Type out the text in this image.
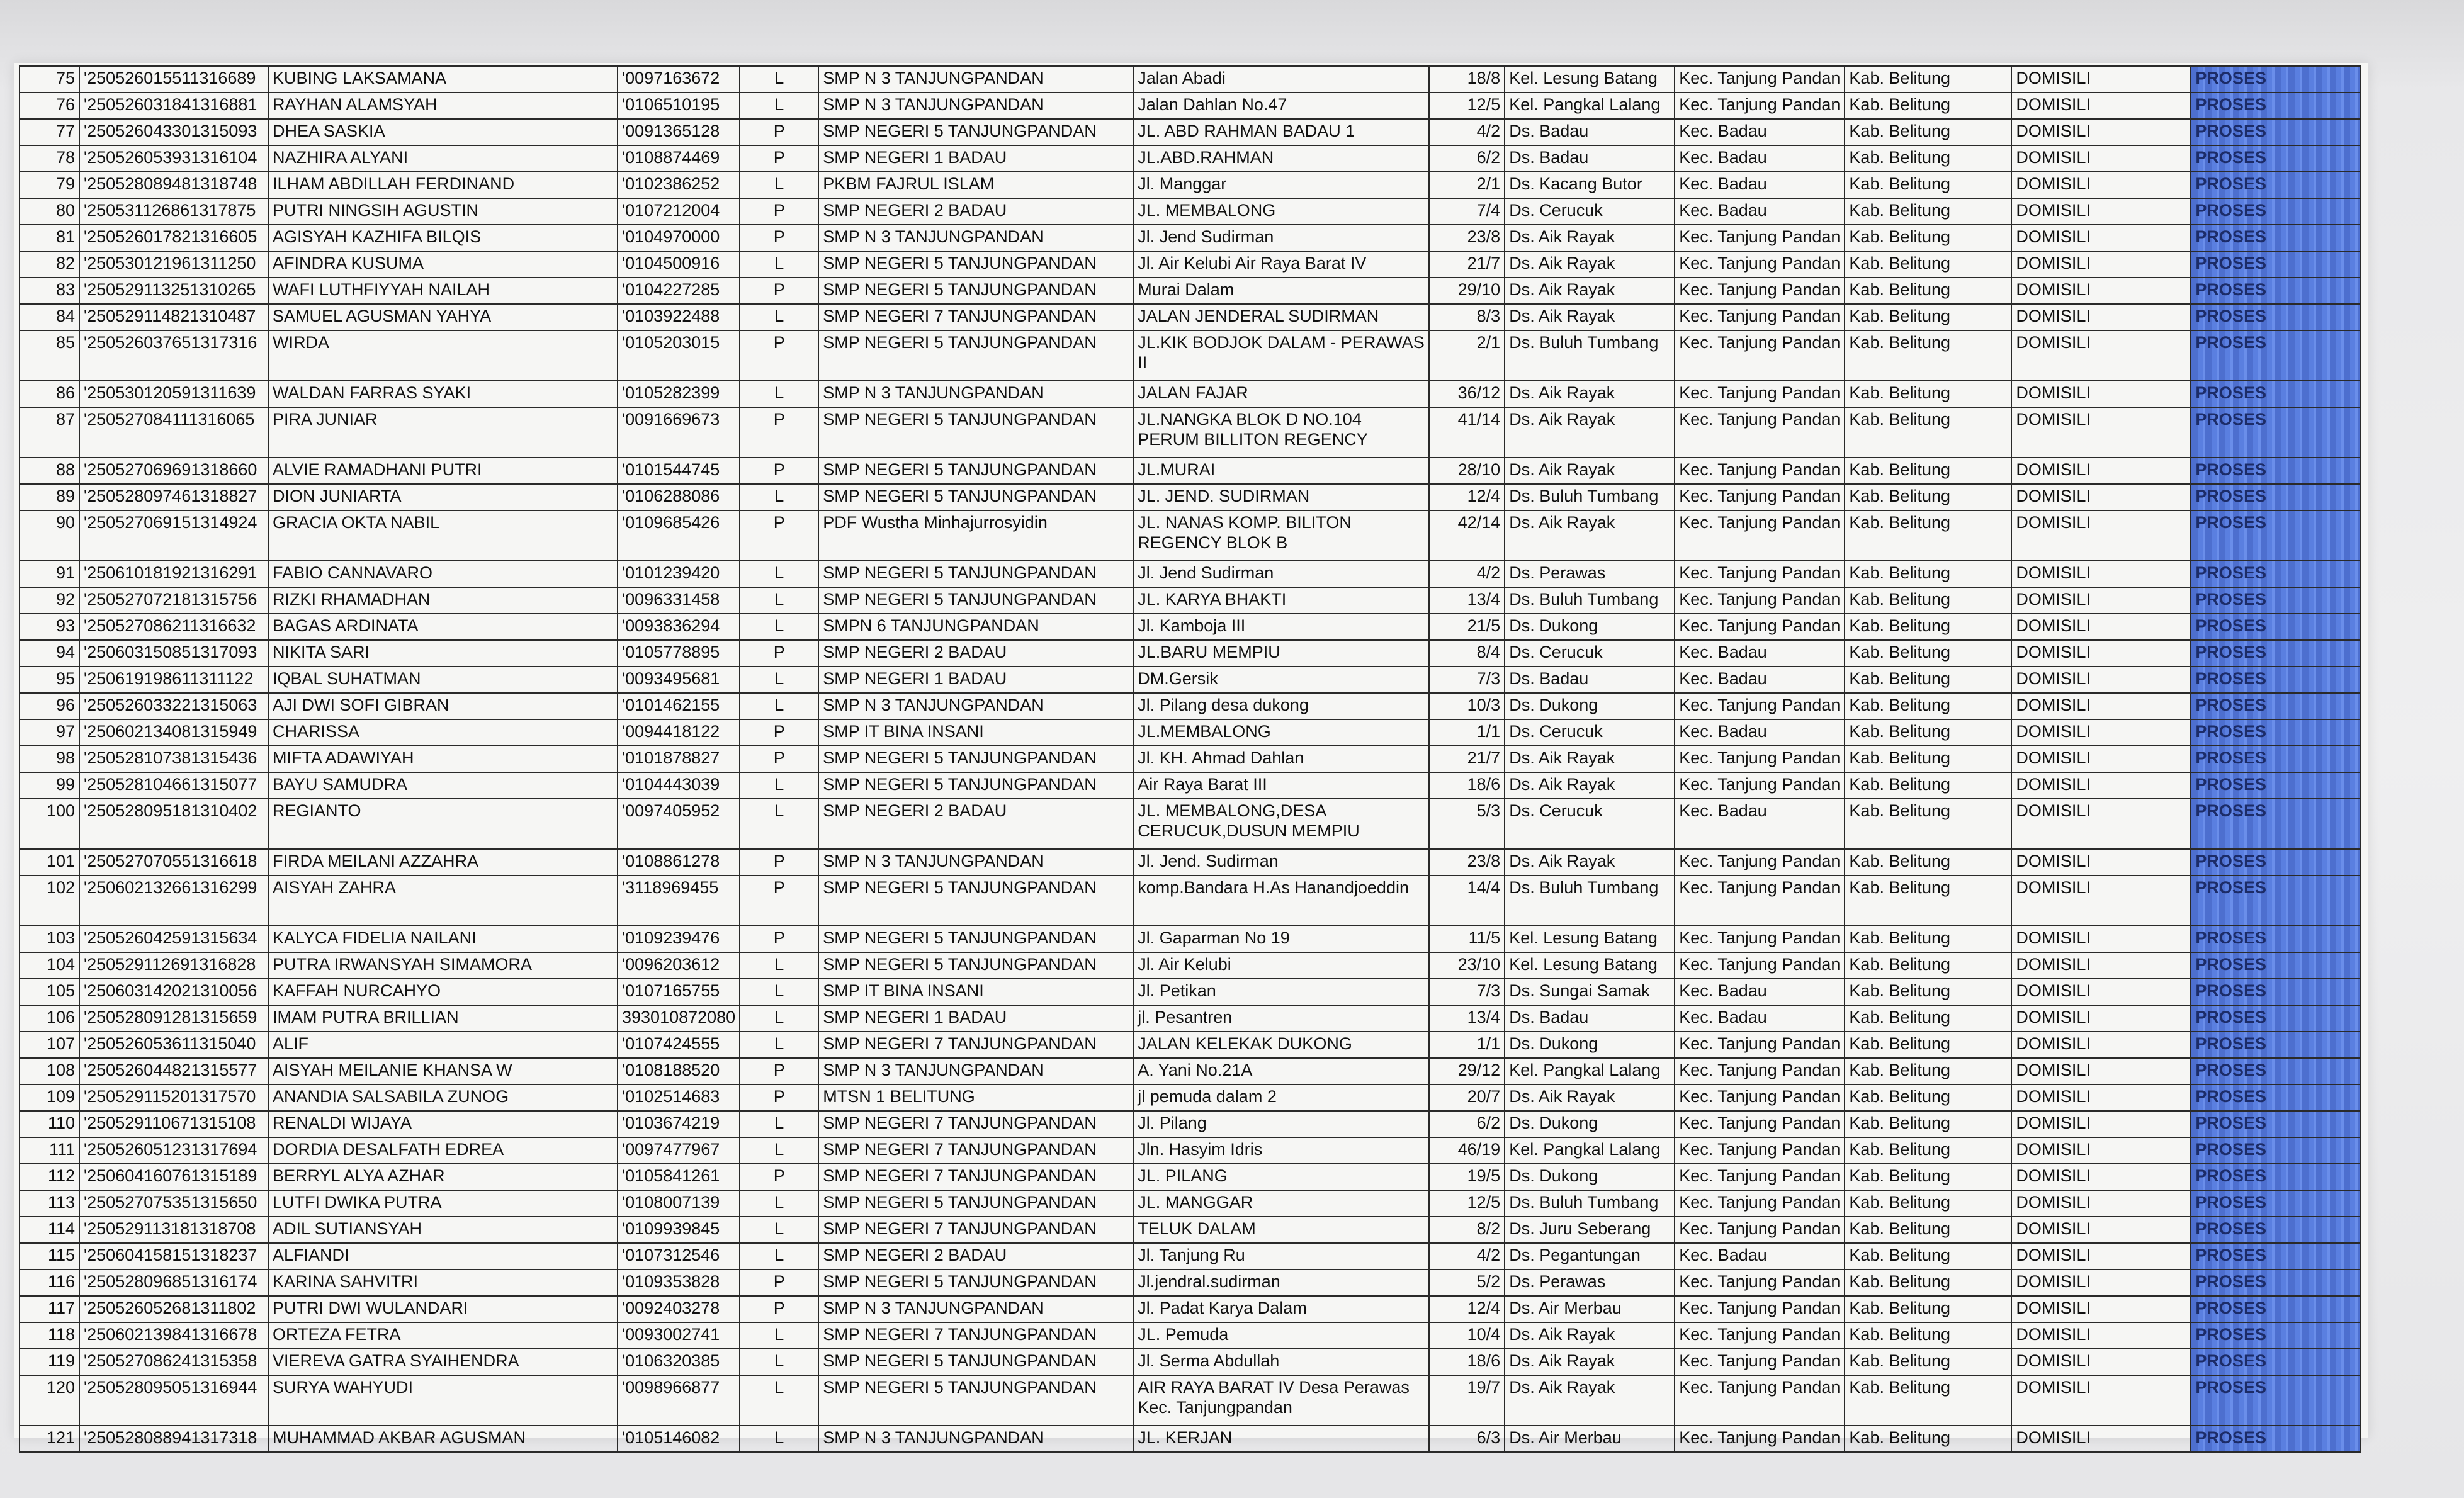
75	'250526015511316689	KUBING LAKSAMANA	'0097163672	L	SMP N 3 TANJUNGPANDAN	Jalan Abadi	18/8	Kel. Lesung Batang	Kec. Tanjung Pandan	Kab. Belitung	DOMISILI	PROSES
76	'250526031841316881	RAYHAN ALAMSYAH	'0106510195	L	SMP N 3 TANJUNGPANDAN	Jalan Dahlan No.47	12/5	Kel. Pangkal Lalang	Kec. Tanjung Pandan	Kab. Belitung	DOMISILI	PROSES
77	'250526043301315093	DHEA SASKIA	'0091365128	P	SMP NEGERI 5 TANJUNGPANDAN	JL. ABD RAHMAN BADAU 1	4/2	Ds. Badau	Kec. Badau	Kab. Belitung	DOMISILI	PROSES
78	'250526053931316104	NAZHIRA ALYANI	'0108874469	P	SMP NEGERI 1 BADAU	JL.ABD.RAHMAN	6/2	Ds. Badau	Kec. Badau	Kab. Belitung	DOMISILI	PROSES
79	'250528089481318748	ILHAM ABDILLAH FERDINAND	'0102386252	L	PKBM FAJRUL ISLAM	Jl. Manggar	2/1	Ds. Kacang Butor	Kec. Badau	Kab. Belitung	DOMISILI	PROSES
80	'250531126861317875	PUTRI NINGSIH AGUSTIN	'0107212004	P	SMP NEGERI 2 BADAU	JL. MEMBALONG	7/4	Ds. Cerucuk	Kec. Badau	Kab. Belitung	DOMISILI	PROSES
81	'250526017821316605	AGISYAH KAZHIFA BILQIS	'0104970000	P	SMP N 3 TANJUNGPANDAN	Jl. Jend Sudirman	23/8	Ds. Aik Rayak	Kec. Tanjung Pandan	Kab. Belitung	DOMISILI	PROSES
82	'250530121961311250	AFINDRA KUSUMA	'0104500916	L	SMP NEGERI 5 TANJUNGPANDAN	Jl. Air Kelubi Air Raya Barat IV	21/7	Ds. Aik Rayak	Kec. Tanjung Pandan	Kab. Belitung	DOMISILI	PROSES
83	'250529113251310265	WAFI LUTHFIYYAH NAILAH	'0104227285	P	SMP NEGERI 5 TANJUNGPANDAN	Murai Dalam	29/10	Ds. Aik Rayak	Kec. Tanjung Pandan	Kab. Belitung	DOMISILI	PROSES
84	'250529114821310487	SAMUEL AGUSMAN YAHYA	'0103922488	L	SMP NEGERI 7 TANJUNGPANDAN	JALAN JENDERAL SUDIRMAN	8/3	Ds. Aik Rayak	Kec. Tanjung Pandan	Kab. Belitung	DOMISILI	PROSES
85	'250526037651317316	WIRDA	'0105203015	P	SMP NEGERI 5 TANJUNGPANDAN	JL.KIK BODJOK DALAM - PERAWAS II	2/1	Ds. Buluh Tumbang	Kec. Tanjung Pandan	Kab. Belitung	DOMISILI	PROSES
86	'250530120591311639	WALDAN FARRAS SYAKI	'0105282399	L	SMP N 3 TANJUNGPANDAN	JALAN FAJAR	36/12	Ds. Aik Rayak	Kec. Tanjung Pandan	Kab. Belitung	DOMISILI	PROSES
87	'250527084111316065	PIRA JUNIAR	'0091669673	P	SMP NEGERI 5 TANJUNGPANDAN	JL.NANGKA BLOK D NO.104 PERUM BILLITON REGENCY	41/14	Ds. Aik Rayak	Kec. Tanjung Pandan	Kab. Belitung	DOMISILI	PROSES
88	'250527069691318660	ALVIE RAMADHANI PUTRI	'0101544745	P	SMP NEGERI 5 TANJUNGPANDAN	JL.MURAI	28/10	Ds. Aik Rayak	Kec. Tanjung Pandan	Kab. Belitung	DOMISILI	PROSES
89	'250528097461318827	DION JUNIARTA	'0106288086	L	SMP NEGERI 5 TANJUNGPANDAN	JL. JEND. SUDIRMAN	12/4	Ds. Buluh Tumbang	Kec. Tanjung Pandan	Kab. Belitung	DOMISILI	PROSES
90	'250527069151314924	GRACIA OKTA NABIL	'0109685426	P	PDF Wustha Minhajurrosyidin	JL. NANAS KOMP. BILITON REGENCY BLOK B	42/14	Ds. Aik Rayak	Kec. Tanjung Pandan	Kab. Belitung	DOMISILI	PROSES
91	'250610181921316291	FABIO CANNAVARO	'0101239420	L	SMP NEGERI 5 TANJUNGPANDAN	Jl. Jend Sudirman	4/2	Ds. Perawas	Kec. Tanjung Pandan	Kab. Belitung	DOMISILI	PROSES
92	'250527072181315756	RIZKI RHAMADHAN	'0096331458	L	SMP NEGERI 5 TANJUNGPANDAN	JL. KARYA BHAKTI	13/4	Ds. Buluh Tumbang	Kec. Tanjung Pandan	Kab. Belitung	DOMISILI	PROSES
93	'250527086211316632	BAGAS ARDINATA	'0093836294	L	SMPN 6 TANJUNGPANDAN	Jl. Kamboja III	21/5	Ds. Dukong	Kec. Tanjung Pandan	Kab. Belitung	DOMISILI	PROSES
94	'250603150851317093	NIKITA SARI	'0105778895	P	SMP NEGERI 2 BADAU	JL.BARU MEMPIU	8/4	Ds. Cerucuk	Kec. Badau	Kab. Belitung	DOMISILI	PROSES
95	'250619198611311122	IQBAL SUHATMAN	'0093495681	L	SMP NEGERI 1 BADAU	DM.Gersik	7/3	Ds. Badau	Kec. Badau	Kab. Belitung	DOMISILI	PROSES
96	'250526033221315063	AJI DWI SOFI GIBRAN	'0101462155	L	SMP N 3 TANJUNGPANDAN	Jl. Pilang desa dukong	10/3	Ds. Dukong	Kec. Tanjung Pandan	Kab. Belitung	DOMISILI	PROSES
97	'250602134081315949	CHARISSA	'0094418122	P	SMP IT BINA INSANI	JL.MEMBALONG	1/1	Ds. Cerucuk	Kec. Badau	Kab. Belitung	DOMISILI	PROSES
98	'250528107381315436	MIFTA ADAWIYAH	'0101878827	P	SMP NEGERI 5 TANJUNGPANDAN	Jl. KH. Ahmad Dahlan	21/7	Ds. Aik Rayak	Kec. Tanjung Pandan	Kab. Belitung	DOMISILI	PROSES
99	'250528104661315077	BAYU SAMUDRA	'0104443039	L	SMP NEGERI 5 TANJUNGPANDAN	Air Raya Barat III	18/6	Ds. Aik Rayak	Kec. Tanjung Pandan	Kab. Belitung	DOMISILI	PROSES
100	'250528095181310402	REGIANTO	'0097405952	L	SMP NEGERI 2 BADAU	JL. MEMBALONG,DESA CERUCUK,DUSUN MEMPIU	5/3	Ds. Cerucuk	Kec. Badau	Kab. Belitung	DOMISILI	PROSES
101	'250527070551316618	FIRDA MEILANI AZZAHRA	'0108861278	P	SMP N 3 TANJUNGPANDAN	Jl. Jend. Sudirman	23/8	Ds. Aik Rayak	Kec. Tanjung Pandan	Kab. Belitung	DOMISILI	PROSES
102	'250602132661316299	AISYAH ZAHRA	'3118969455	P	SMP NEGERI 5 TANJUNGPANDAN	komp.Bandara H.As Hanandjoeddin	14/4	Ds. Buluh Tumbang	Kec. Tanjung Pandan	Kab. Belitung	DOMISILI	PROSES
103	'250526042591315634	KALYCA FIDELIA NAILANI	'0109239476	P	SMP NEGERI 5 TANJUNGPANDAN	Jl. Gaparman No 19	11/5	Kel. Lesung Batang	Kec. Tanjung Pandan	Kab. Belitung	DOMISILI	PROSES
104	'250529112691316828	PUTRA IRWANSYAH SIMAMORA	'0096203612	L	SMP NEGERI 5 TANJUNGPANDAN	Jl. Air Kelubi	23/10	Kel. Lesung Batang	Kec. Tanjung Pandan	Kab. Belitung	DOMISILI	PROSES
105	'250603142021310056	KAFFAH NURCAHYO	'0107165755	L	SMP IT BINA INSANI	Jl. Petikan	7/3	Ds. Sungai Samak	Kec. Badau	Kab. Belitung	DOMISILI	PROSES
106	'250528091281315659	IMAM PUTRA BRILLIAN	393010872080	L	SMP NEGERI 1 BADAU	jl. Pesantren	13/4	Ds. Badau	Kec. Badau	Kab. Belitung	DOMISILI	PROSES
107	'250526053611315040	ALIF	'0107424555	L	SMP NEGERI 7 TANJUNGPANDAN	JALAN KELEKAK DUKONG	1/1	Ds. Dukong	Kec. Tanjung Pandan	Kab. Belitung	DOMISILI	PROSES
108	'250526044821315577	AISYAH MEILANIE KHANSA W	'0108188520	P	SMP N 3 TANJUNGPANDAN	A. Yani No.21A	29/12	Kel. Pangkal Lalang	Kec. Tanjung Pandan	Kab. Belitung	DOMISILI	PROSES
109	'250529115201317570	ANANDIA SALSABILA ZUNOG	'0102514683	P	MTSN 1 BELITUNG	jl pemuda dalam 2	20/7	Ds. Aik Rayak	Kec. Tanjung Pandan	Kab. Belitung	DOMISILI	PROSES
110	'250529110671315108	RENALDI WIJAYA	'0103674219	L	SMP NEGERI 7 TANJUNGPANDAN	Jl. Pilang	6/2	Ds. Dukong	Kec. Tanjung Pandan	Kab. Belitung	DOMISILI	PROSES
111	'250526051231317694	DORDIA DESALFATH EDREA	'0097477967	L	SMP NEGERI 7 TANJUNGPANDAN	Jln. Hasyim Idris	46/19	Kel. Pangkal Lalang	Kec. Tanjung Pandan	Kab. Belitung	DOMISILI	PROSES
112	'250604160761315189	BERRYL ALYA AZHAR	'0105841261	P	SMP NEGERI 7 TANJUNGPANDAN	JL. PILANG	19/5	Ds. Dukong	Kec. Tanjung Pandan	Kab. Belitung	DOMISILI	PROSES
113	'250527075351315650	LUTFI DWIKA PUTRA	'0108007139	L	SMP NEGERI 5 TANJUNGPANDAN	JL. MANGGAR	12/5	Ds. Buluh Tumbang	Kec. Tanjung Pandan	Kab. Belitung	DOMISILI	PROSES
114	'250529113181318708	ADIL SUTIANSYAH	'0109939845	L	SMP NEGERI 7 TANJUNGPANDAN	TELUK DALAM	8/2	Ds. Juru Seberang	Kec. Tanjung Pandan	Kab. Belitung	DOMISILI	PROSES
115	'250604158151318237	ALFIANDI	'0107312546	L	SMP NEGERI 2 BADAU	Jl. Tanjung Ru	4/2	Ds. Pegantungan	Kec. Badau	Kab. Belitung	DOMISILI	PROSES
116	'250528096851316174	KARINA SAHVITRI	'0109353828	P	SMP NEGERI 5 TANJUNGPANDAN	Jl.jendral.sudirman	5/2	Ds. Perawas	Kec. Tanjung Pandan	Kab. Belitung	DOMISILI	PROSES
117	'250526052681311802	PUTRI DWI WULANDARI	'0092403278	P	SMP N 3 TANJUNGPANDAN	Jl. Padat Karya Dalam	12/4	Ds. Air Merbau	Kec. Tanjung Pandan	Kab. Belitung	DOMISILI	PROSES
118	'250602139841316678	ORTEZA FETRA	'0093002741	L	SMP NEGERI 7 TANJUNGPANDAN	JL. Pemuda	10/4	Ds. Aik Rayak	Kec. Tanjung Pandan	Kab. Belitung	DOMISILI	PROSES
119	'250527086241315358	VIEREVA GATRA SYAIHENDRA	'0106320385	L	SMP NEGERI 5 TANJUNGPANDAN	Jl. Serma Abdullah	18/6	Ds. Aik Rayak	Kec. Tanjung Pandan	Kab. Belitung	DOMISILI	PROSES
120	'250528095051316944	SURYA WAHYUDI	'0098966877	L	SMP NEGERI 5 TANJUNGPANDAN	AIR RAYA BARAT IV Desa Perawas Kec. Tanjungpandan	19/7	Ds. Aik Rayak	Kec. Tanjung Pandan	Kab. Belitung	DOMISILI	PROSES
121	'250528088941317318	MUHAMMAD AKBAR AGUSMAN	'0105146082	L	SMP N 3 TANJUNGPANDAN	JL. KERJAN	6/3	Ds. Air Merbau	Kec. Tanjung Pandan	Kab. Belitung	DOMISILI	PROSES
